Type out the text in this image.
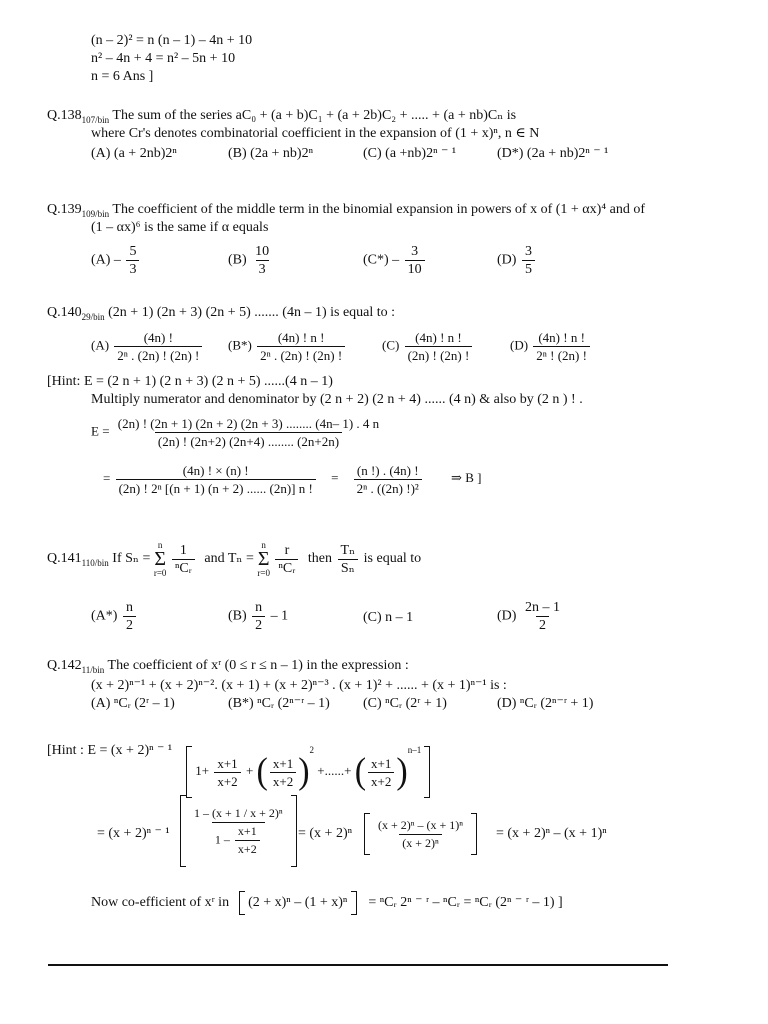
(n – 2)² = n (n – 1) – 4n + 10
n² – 4n + 4 = n² – 5n + 10
n = 6 Ans ]
$Q.138_{107/bin}$ The sum of the series aC₀ + (a + b)C₁ + (a + 2b)C₂ + ..... + (a + nb)Cₙ is
where Cr's denotes combinatorial coefficient in the expansion of (1 + x)ⁿ, n ∈ N
(A) (a + 2nb)2ⁿ	(B) (2a + nb)2ⁿ	(C) (a +nb)2ⁿ ⁻ ¹	(D*) (2a + nb)2ⁿ ⁻ ¹
$Q.139_{109/bin}$ The coefficient of the middle term in the binomial expansion in powers of x of (1 + αx)⁴ and of
(1 – αx)⁶ is the same if α equals
$(A) - \frac{5}{3}$	$(B) \frac{10}{3}$	$(C*) - \frac{3}{10}$	$(D) \frac{3}{5}$
$Q.140_{29/bin}$ (2n + 1) (2n + 3) (2n + 5) ....... (4n – 1) is equal to :
$(A) \frac{(4n) !}{\text{2ⁿ . (2n) ! (2n) !}} (B*) \frac{(4n) ! n !}{\text{2ⁿ . (2n) ! (2n) !}}$	$(C) \frac{(4n) ! n !}{(2n) ! (2n) !}$	$(D) \frac{(4n) ! n !}{\text{2ⁿ ! (2n) !}}$
[Hint: E = (2 n + 1) (2 n + 3) (2 n + 5) ......(4 n – 1)
Multiply numerator and denominator by (2 n + 2) (2 n + 4) ...... (4 n) & also by (2 n ) ! .
$E = \frac{(2n) ! (2n + 1) (2n + 2) (2n + 3) ........ (4n- 1) . 4 n}{(2n) ! (2n+2) (2n+4) ........ (2n+2n)}$
= $\frac{(4n) ! \times (n) !}{\text{(2n) ! 2ⁿ [(n + 1) (n + 2) ...... (2n)] n !}} = \frac{(n !) . (4n) !}{\text{2ⁿ . ((2n) !)²}}$ ⇒ B ]
$Q.141_{110/bin}$ If Sₙ =
n
Σ
r=0
$\frac{1}{\text{ⁿCᵣ}}$ and Tₙ =
n
Σ
r=0
$\frac{r}{\text{ⁿCᵣ}}$ then $\frac{\text{Tₙ}}{\text{Sₙ}}$ is equal to
$(A*) \frac{n}{2}$	$(B) \frac{n}{2} - 1$	(C) n – 1	$(D) \frac{2n - 1}{2}$
$Q.142_{11/bin}$ The coefficient of xʳ (0 ≤ r ≤ n – 1) in the expression :
(x + 2)ⁿ⁻¹ + (x + 2)ⁿ⁻². (x + 1) + (x + 2)ⁿ⁻³ . (x + 1)² + ...... + (x + 1)ⁿ⁻¹ is :
(A) ⁿCᵣ (2ʳ – 1)	(B*) ⁿCᵣ (2ⁿ⁻ʳ – 1) (C) ⁿCᵣ (2ʳ + 1)	(D) ⁿCᵣ (2ⁿ⁻ʳ + 1)
[Hint : E = (x + 2)ⁿ ⁻ ¹
$1+ \frac{x+1}{x+2}$ + ( $\frac{x+1}{x+2} )^2$ +......+ ( $\frac{x+1}{x+2} )^{n-1}$
= (x + 2)ⁿ ⁻ ¹
$\frac{\text{1 – (x + 1 / x + 2)ⁿ}}{1 - \frac{x+1}{x+2}}$
= (x + 2)ⁿ
$\frac{\text{(x + 2)ⁿ – (x + 1)ⁿ}}{\text{(x + 2)ⁿ}}$
= (x + 2)ⁿ – (x + 1)ⁿ
Now co-efficient of xʳ in (2 + x)ⁿ – (1 + x)ⁿ = ⁿCᵣ 2ⁿ ⁻ ʳ – ⁿCᵣ = ⁿCᵣ (2ⁿ ⁻ ʳ – 1) ]
